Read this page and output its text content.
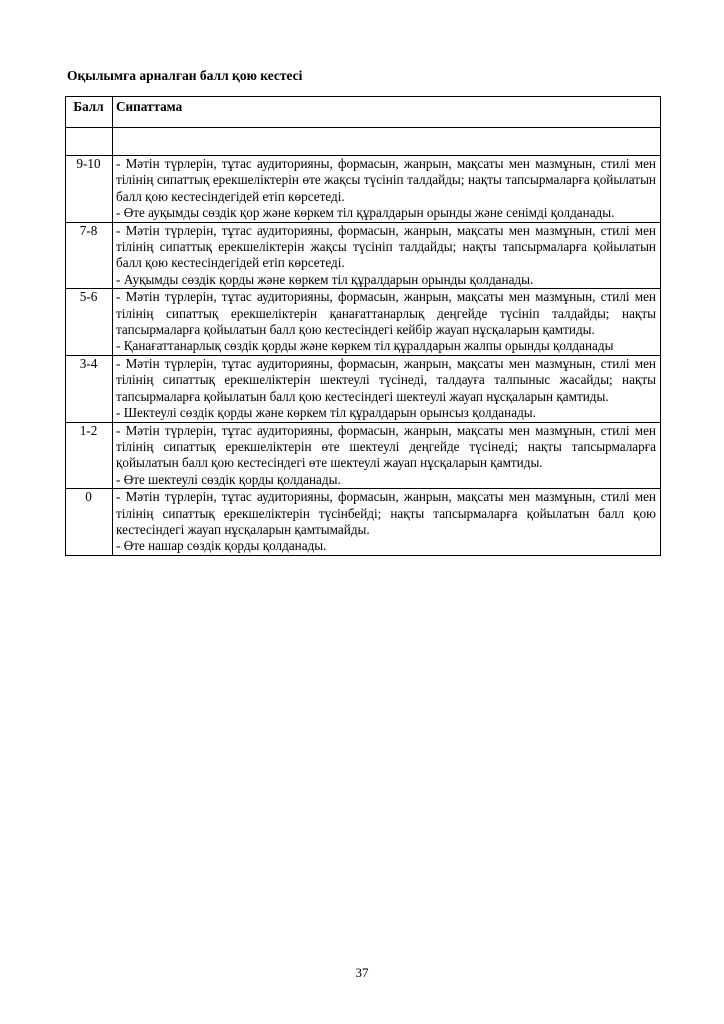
Оқылымға арналған балл қою кестесі
Балл	Сипаттама

9-10	- Мәтін түрлерін, тұтас аудиторияны, формасын, жанрын, мақсаты мен мазмұнын, стилі мен тілінің сипаттық ерекшеліктерін өте жақсы түсініп талдайды; нақты тапсырмаларға қойылатын балл қою кестесіндегідей етіп көрсетеді.
- Өте ауқымды сөздік қор және көркем тіл құралдарын орынды және сенімді қолданады.

7-8	- Мәтін түрлерін, тұтас аудиторияны, формасын, жанрын, мақсаты мен мазмұнын, стилі мен тілінің сипаттық ерекшеліктерін жақсы түсініп талдайды; нақты тапсырмаларға қойылатын балл қою кестесіндегідей етіп көрсетеді.
- Ауқымды сөздік қорды және көркем тіл құралдарын орынды қолданады.

5-6	- Мәтін түрлерін, тұтас аудиторияны, формасын, жанрын, мақсаты мен мазмұнын, стилі мен тілінің сипаттық ерекшеліктерін қанағаттанарлық деңгейде түсініп талдайды; нақты тапсырмаларға қойылатын балл қою кестесіндегі кейбір жауап нұсқаларын қамтиды.
- Қанағаттанарлық сөздік қорды және көркем тіл құралдарын жалпы орынды қолданады

3-4	- Мәтін түрлерін, тұтас аудиторияны, формасын, жанрын, мақсаты мен мазмұнын, стилі мен тілінің сипаттық ерекшеліктерін шектеулі түсінеді, талдауға талпыныс жасайды; нақты тапсырмаларға қойылатын балл қою кестесіндегі шектеулі жауап нұсқаларын қамтиды.
- Шектеулі сөздік қорды және көркем тіл құралдарын орынсыз қолданады.

1-2	- Мәтін түрлерін, тұтас аудиторияны, формасын, жанрын, мақсаты мен мазмұнын, стилі мен тілінің сипаттық ерекшеліктерін өте шектеулі деңгейде түсінеді; нақты тапсырмаларға қойылатын балл қою кестесіндегі өте шектеулі жауап нұсқаларын қамтиды.
- Өте шектеулі сөздік қорды қолданады.

0	- Мәтін түрлерін, тұтас аудиторияны, формасын, жанрын, мақсаты мен мазмұнын, стилі мен тілінің сипаттық ерекшеліктерін түсінбейді; нақты тапсырмаларға қойылатын балл қою кестесіндегі жауап нұсқаларын қамтымайды.
- Өте нашар сөздік қорды қолданады.
37
